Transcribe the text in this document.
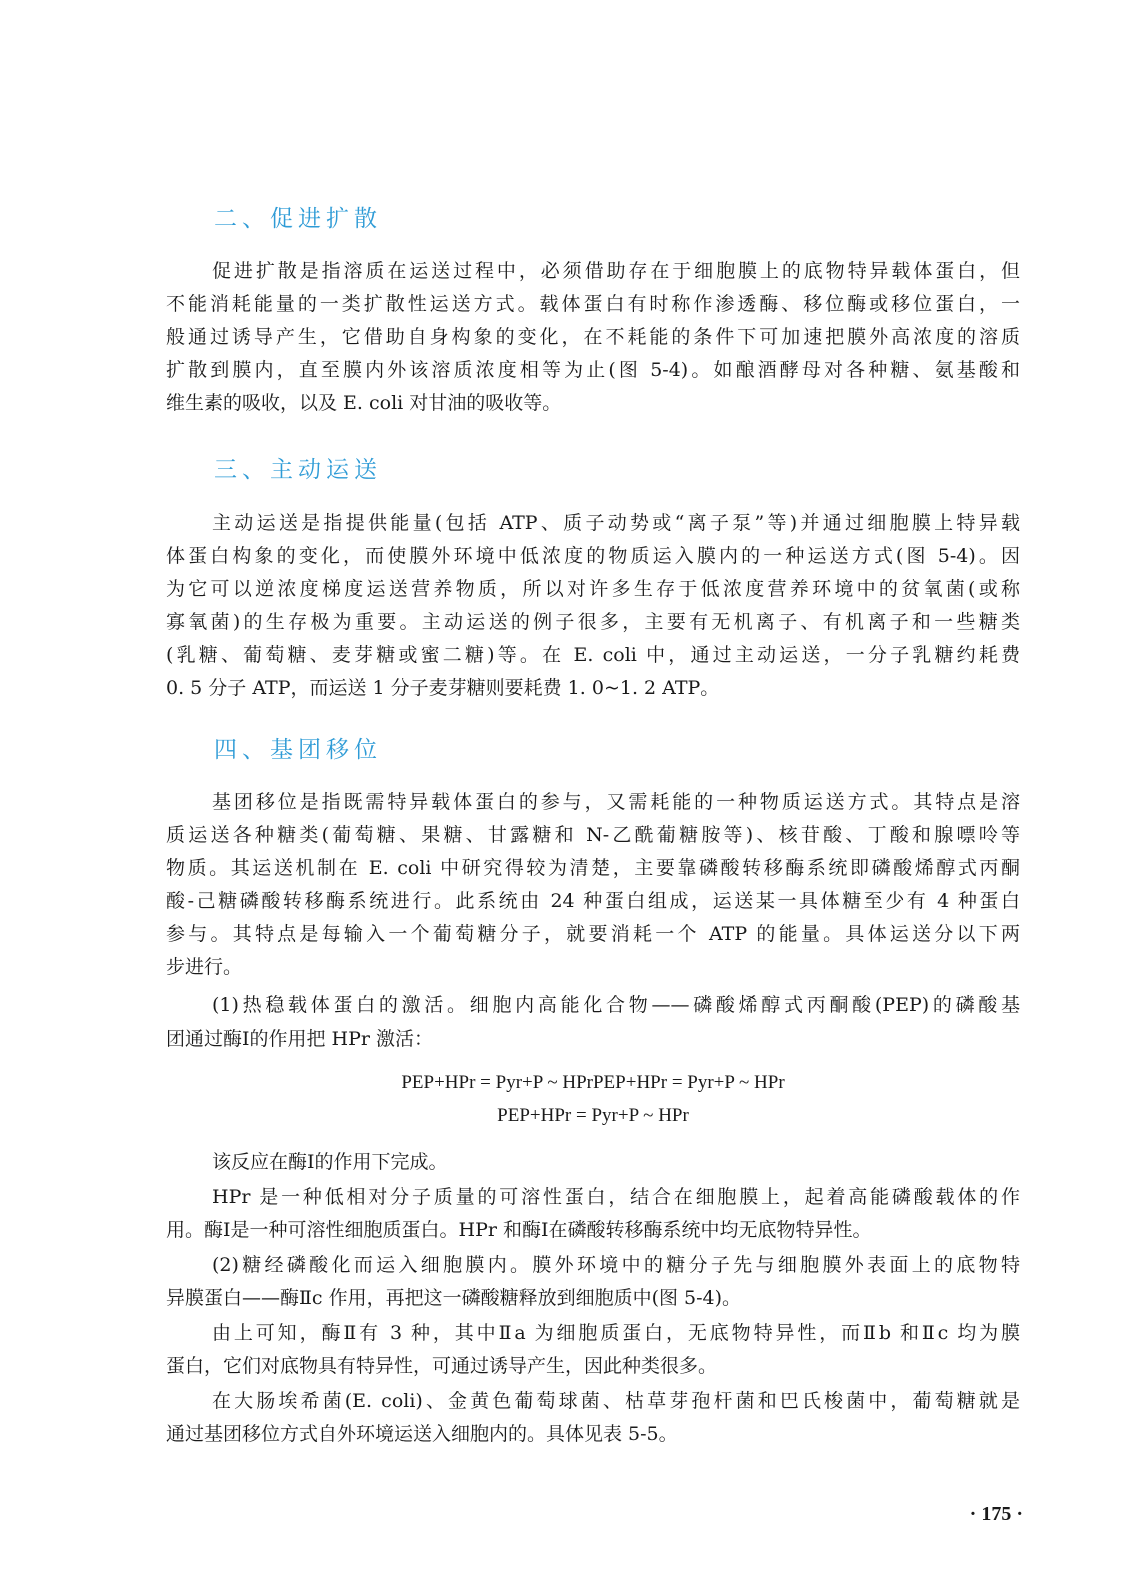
二、促进扩散
促进扩散是指溶质在运送过程中，必须借助存在于细胞膜上的底物特异载体蛋白，但
不能消耗能量的一类扩散性运送方式。载体蛋白有时称作渗透酶、移位酶或移位蛋白，一
般通过诱导产生，它借助自身构象的变化，在不耗能的条件下可加速把膜外高浓度的溶质
扩散到膜内，直至膜内外该溶质浓度相等为止(图 5-4)。如酿酒酵母对各种糖、氨基酸和
维生素的吸收，以及 E. coli 对甘油的吸收等。
三、主动运送
主动运送是指提供能量(包括 ATP、质子动势或“离子泵”等)并通过细胞膜上特异载
体蛋白构象的变化，而使膜外环境中低浓度的物质运入膜内的一种运送方式(图 5-4)。因
为它可以逆浓度梯度运送营养物质，所以对许多生存于低浓度营养环境中的贫氧菌(或称
寡氧菌)的生存极为重要。主动运送的例子很多，主要有无机离子、有机离子和一些糖类
(乳糖、葡萄糖、麦芽糖或蜜二糖)等。在 E. coli 中，通过主动运送，一分子乳糖约耗费
0. 5 分子 ATP，而运送 1 分子麦芽糖则要耗费 1. 0~1. 2 ATP。
四、基团移位
基团移位是指既需特异载体蛋白的参与，又需耗能的一种物质运送方式。其特点是溶
质运送各种糖类(葡萄糖、果糖、甘露糖和 N-乙酰葡糖胺等)、核苷酸、丁酸和腺嘌呤等
物质。其运送机制在 E. coli 中研究得较为清楚，主要靠磷酸转移酶系统即磷酸烯醇式丙酮
酸-己糖磷酸转移酶系统进行。此系统由 24 种蛋白组成，运送某一具体糖至少有 4 种蛋白
参与。其特点是每输入一个葡萄糖分子，就要消耗一个 ATP 的能量。具体运送分以下两
步进行。
(1)热稳载体蛋白的激活。细胞内高能化合物——磷酸烯醇式丙酮酸(PEP)的磷酸基
团通过酶Ⅰ的作用把 HPr 激活：
PEP+HPr = Pyr+P ~ HPrPEP+HPr = Pyr+P ~ HPr
PEP+HPr = Pyr+P ~ HPr
该反应在酶Ⅰ的作用下完成。
HPr 是一种低相对分子质量的可溶性蛋白，结合在细胞膜上，起着高能磷酸载体的作
用。酶Ⅰ是一种可溶性细胞质蛋白。HPr 和酶Ⅰ在磷酸转移酶系统中均无底物特异性。
(2)糖经磷酸化而运入细胞膜内。膜外环境中的糖分子先与细胞膜外表面上的底物特
异膜蛋白——酶Ⅱc 作用，再把这一磷酸糖释放到细胞质中(图 5-4)。
由上可知，酶Ⅱ有 3 种，其中Ⅱa 为细胞质蛋白，无底物特异性，而Ⅱb 和Ⅱc 均为膜
蛋白，它们对底物具有特异性，可通过诱导产生，因此种类很多。
在大肠埃希菌(E. coli)、金黄色葡萄球菌、枯草芽孢杆菌和巴氏梭菌中，葡萄糖就是
通过基团移位方式自外环境运送入细胞内的。具体见表 5-5。
· 175 ·
